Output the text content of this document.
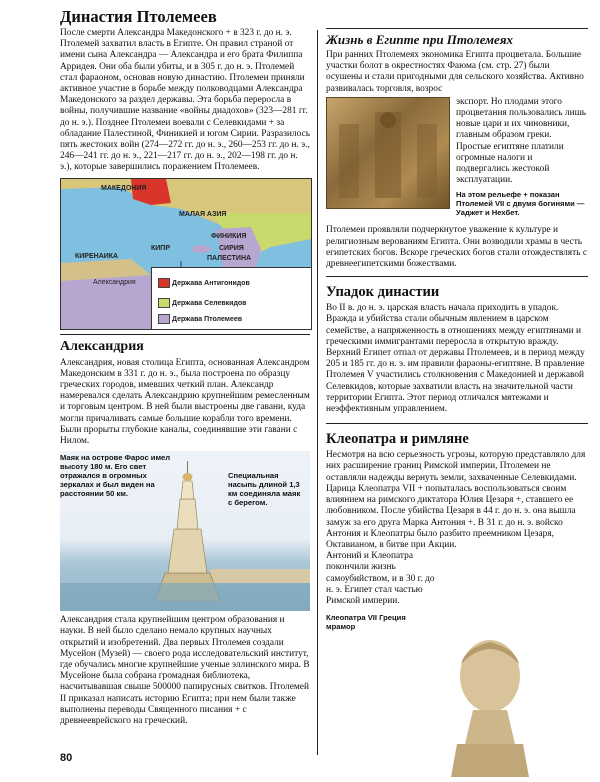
Династия Птолемеев

После смерти Александра Македонского + в 323 г. до н. э. Птолемей захватил власть в Египте. Он правил страной от имени сына Александра — Александра и его брата Филиппа Арридея. Они оба были убиты, и в 305 г. до н. э. Птолемей стал фараоном, основав новую династию. Птолемеи приняли активное участие в борьбе между полководцами Александра Македонского за раздел державы. Эта борьба переросла в войны, получившие название «войны диадохов» (323—281 гг. до н. э.). Позднее Птолемеи воевали с Селевкидами + за обладание Палестиной, Финикией и югом Сирии. Разразилось пять жестоких войн (274—272 гг. до н. э., 260—253 гг. до н. э., 246—241 гг. до н. э., 221—217 гг. до н. э., 202—198 гг. до н. э.), которые завершились поражением Птолемеев.

МАКЕДОНИЯ
МАЛАЯ АЗИЯ
КИРЕНАИКА
КИПР
ФИНИКИЯ
СИРИЯ
ПАЛЕСТИНА
Александрия	Держава Антигонидов
Держава Селевкидов
Держава Птолемеев
Александрия

Александрия, новая столица Египта, основанная Александром Македонским в 331 г. до н. э., была построена по образцу греческих городов, имевших четкий план. Александр намеревался сделать Александрию крупнейшим ремесленным и торговым центром. В ней были выстроены две гавани, куда могли причаливать самые большие корабли того времени. Были прорыты глубокие каналы, соединявшие эти гавани с Нилом.

Маяк на острове Фарос имел высоту 180 м. Его свет отражался в огромных зеркалах и был виден на расстоянии 50 км.
Специальная насыпь длиной 1,3 км соединяла маяк с берегом.

Александрия стала крупнейшим центром образования и науки. В ней было сделано немало крупных научных открытий и изобретений. Два первых Птолемея создали Мусейон (Музей) — своего рода исследовательский институт, где обучались многие крупнейшие ученые эллинского мира. В Мусейоне была собрана громадная библиотека, насчитывавшая свыше 500000 папирусных свитков. Птолемей II приказал написать историю Египта; при нем были также выполнены переводы Священного писания + с древнееврейского на греческий.

Жизнь в Египте при Птолемеях

При ранних Птолемеях экономика Египта процветала. Большие участки болот в окрестностях Фаюма (см. стр. 27) были осушены и стали пригодными для сельского хозяйства. Активно развивалась торговля, возрос

экспорт. Но плодами этого процветания пользовались лишь новые цари и их чиновники, главным образом греки. Простые египтяне платили огромные налоги и подвергались жестокой эксплуатации.

На этом рельефе + показан Птолемей VII с двумя богинями — Уаджет и Нехбет.

Птолемеи проявляли подчеркнутое уважение к культуре и религиозным верованиям Египта. Они возводили храмы в честь египетских богов. Вскоре греческих богов стали отождествлять с древнеегипетскими божествами.

Упадок династии

Во II в. до н. э. царская власть начала приходить в упадок. Вражда и убийства стали обычным явлением в царском семействе, а напряженность в отношениях между египтянами и греческими иммигрантами переросла в открытую вражду. Верхний Египет отпал от державы Птолемеев, и в период между 205 и 185 гг. до н. э. им правили фараоны-египтяне. В правление Птолемея V участились столкновения с Македонией и державой Селевкидов, которые захватили власть на значительной части территории Египта. Этот период отличался мятежами и неэффективным управлением.

Клеопатра и римляне

Несмотря на всю серьезность угрозы, которую представляло для них расширение границ Римской империи, Птолемеи не оставляли надежды вернуть земли, захваченные Селевкидами. Царица Клеопатра VII + попыталась воспользоваться своим влиянием на римского диктатора Юлия Цезаря +, ставшего ее любовником. После убийства Цезаря в 44 г. до н. э. она вышла замуж за его друга Марка Антония +. В 31 г. до н. э. войско Антония и Клеопатры было разбито преемником Цезаря, Октавианом, в битве при Акции.

Антоний и Клеопатра покончили жизнь самоубийством, и в 30 г. до н. э. Египет стал частью Римской империи.

Клеопатра VII Греция мрамор
80
